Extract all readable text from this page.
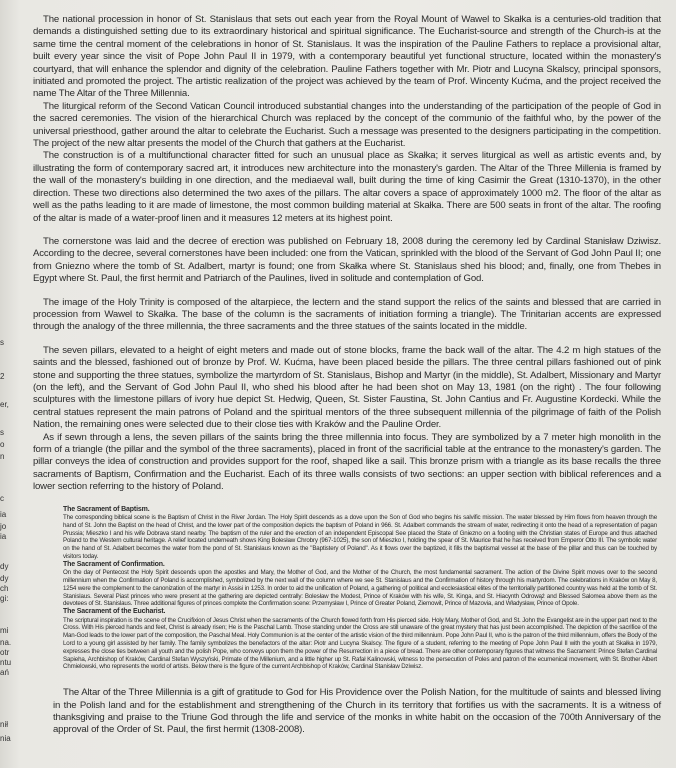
s
2
er,
s
o
n
c
ia
jo
ia
dy
dy
ch
gi:
mi
na.
otr
ntu
ań
nił
nia

The national procession in honor of St. Stanislaus that sets out each year from the Royal Mount of Wawel to Skałka is a centuries-old tradition that demands a distinguished setting due to its extraordinary historical and spiritual significance. The Eucharist-source and strength of the Church-is at the same time the central moment of the celebrations in honor of St. Stanislaus. It was the inspiration of the Pauline Fathers to replace a provisional altar, built every year since the visit of Pope John Paul II in 1979, with a contemporary beautiful yet functional structure, located within the monastery's courtyard, that will enhance the splendor and dignity of the celebration. Pauline Fathers together with Mr. Piotr and Lucyna Skalscy, principal sponsors, initiated and promoted the project. The artistic realization of the project was achieved by the team of Prof. Wincenty Kućma, and the project received the name The Altar of the Three Millennia.

The liturgical reform of the Second Vatican Council introduced substantial changes into the understanding of the participation of the people of God in the sacred ceremonies. The vision of the hierarchical Church was replaced by the concept of the communio of the faithful who, by the power of the universal priesthood, gather around the altar to celebrate the Eucharist. Such a message was presented to the designers participating in the competition. The project of the new altar presents the model of the Church that gathers at the Eucharist.

The construction is of a multifunctional character fitted for such an unusual place as Skałka; it serves liturgical as well as artistic events and, by illustrating the form of contemporary sacred art, it introduces new architecture into the monastery's garden. The Altar of the Three Millenia is framed by the wall of the monastery's building in one direction, and the mediaeval wall, built during the time of king Casimir the Great (1310-1370), in the other direction. These two directions also determined the two axes of the pillars. The altar covers a space of approximately 1000 m2. The floor of the altar as well as the paths leading to it are made of limestone, the most common building material at Skałka. There are 500 seats in front of the altar. The roofing of the altar is made of a water-proof linen and it measures 12 meters at its highest point.

The cornerstone was laid and the decree of erection was published on February 18, 2008 during the ceremony led by Cardinal Stanisław Dziwisz. According to the decree, several cornerstones have been included: one from the Vatican, sprinkled with the blood of the Servant of God John Paul II; one from Gniezno where the tomb of St. Adalbert, martyr is found; one from Skałka where St. Stanislaus shed his blood; and, finally, one from Thebes in Egypt where St. Paul, the first hermit and Patriarch of the Paulines, lived in solitude and contemplation of God.

The image of the Holy Trinity is composed of the altarpiece, the lectern and the stand support the relics of the saints and blessed that are carried in procession from Wawel to Skałka. The base of the column is the sacraments of initiation forming a triangle). The Trinitarian accents are expressed through the analogy of the three millennia, the three sacraments and the three statues of the saints located in the middle.

The seven pillars, elevated to a height of eight meters and made out of stone blocks, frame the back wall of the altar. The 4.2 m high statues of the saints and the blessed, fashioned out of bronze by Prof. W. Kućma, have been placed beside the pillars. The three central pillars fashioned out of pink stone and supporting the three statues, symbolize the martyrdom of St. Stanislaus, Bishop and Martyr (in the middle), St. Adalbert, Missionary and Martyr (on the left), and the Servant of God John Paul II, who shed his blood after he had been shot on May 13, 1981 (on the right) . The four following sculptures with the limestone pillars of ivory hue depict St. Hedwig, Queen, St. Sister Faustina, St. John Cantius and Fr. Augustine Kordecki. While the central statues represent the main patrons of Poland and the spiritual mentors of the three subsequent millennia of the pilgrimage of faith of the Polish Nation, the remaining ones were selected due to their close ties with Kraków and the Pauline Order.

As if sewn through a lens, the seven pillars of the saints bring the three millennia into focus. They are symbolized by a 7 meter high monolith in the form of a triangle (the pillar and the symbol of the three sacraments), placed in front of the sacrificial table at the entrance to the monastery's garden. The pillar conveys the idea of construction and provides support for the roof, shaped like a sail. This bronze prism with a triangle as its base recalls the three sacraments of Baptism, Confirmation and the Eucharist. Each of its three walls consists of two sections: an upper section with biblical references and a lower section referring to the history of Poland.

The Sacrament of Baptism.
The corresponding biblical scene is the Baptism of Christ in the River Jordan. The Holy Spirit descends as a dove upon the Son of God who begins his salvific mission. The water blessed by Him flows from heaven through the hand of St. John the Baptist on the head of Christ, and the lower part of the composition depicts the baptism of Poland in 966. St. Adalbert commands the stream of water, redirecting it onto the head of a representation of pagan Prussia; Mieszko I and his wife Dobrava stand nearby. The baptism of the ruler and the erection of an independent Episcopal See placed the State of Gniezno on a footing with the Christian states of Europe and thus attached Poland to the Western cultural heritage. A relief located underneath shows King Bolesław Chrobry (967-1025), the son of Mieszko I, holding the spear of St. Maurice that he has received from Emperor Otto III. The symbolic water on the hand of St. Adalbert becomes the water from the pond of St. Stanislaus known as the "Baptistery of Poland". As it flows over the baptized, it fills the baptismal vessel at the base of the pillar and thus can be touched by visitors today.
The Sacrament of Confirmation.
On the day of Pentecost the Holy Spirit descends upon the apostles and Mary, the Mother of God, and the Mother of the Church, the most fundamental sacrament. The action of the Divine Spirit moves over to the second millennium when the Confirmation of Poland is accomplished, symbolized by the next wall of the column where we see St. Stanislaus and the Confirmation of history through his martyrdom. The celebrations in Kraków on May 8, 1254 were the complement to the canonization of the martyr in Assisi in 1253. In order to aid the unification of Poland, a gathering of political and ecclesiastical elites of the territorially partitioned country was held at the tomb of St. Stanislaus. Several Piast princes who were present at the gathering are depicted centrally: Bolesław the Modest, Prince of Kraków with his wife, St. Kinga, and St. Hiacynth Odrowąż and Blessed Salomea above them as the devotees of St. Stanislaus. Three additional figures of princes complete the Confirmation scene: Przemysław I, Prince of Greater Poland, Ziemowit, Prince of Mazovia, and Władysław, Prince of Opole.
The Sacrament of the Eucharist.
The scriptural inspiration is the scene of the Crucifixion of Jesus Christ when the sacraments of the Church flowed forth from His pierced side. Holy Mary, Mother of God, and St. John the Evangelist are in the upper part next to the Cross. With His pierced hands and feet, Christ is already risen; He is the Paschal Lamb. Those standing under the Cross are still unaware of the great mystery that has just been accomplished. The depiction of the sacrifice of the Man-God leads to the lower part of the composition, the Paschal Meal. Holy Communion is at the center of the artistic vision of the third millennium. Pope John Paul II, who is the patron of the third millennium, offers the Body of the Lord to a young girl assisted by her family. The family symbolizes the benefactors of the altar: Piotr and Lucyna Skalscy. The figure of a student, referring to the meeting of Pope John Paul II with the youth at Skałka in 1979, expresses the close ties between all youth and the polish Pope, who conveys upon them the power of the Resurrection in a piece of bread. There are other contemporary figures that witness the Sacrament: Prince Stefan Cardinal Sapieha, Archbishop of Kraków, Cardinal Stefan Wyszyński, Primate of the Millenium, and a little higher up St. Rafał Kalinowski, witness to the persecution of Poles and patron of the ecumenical movement, with St. Brother Albert Chmielowski, who represents the world of artists. Below there is the figure of the current Archbishop of Kraków, Cardinal Stanisław Dziwisz.

The Altar of the Three Millennia is a gift of gratitude to God for His Providence over the Polish Nation, for the multitude of saints and blessed living in the Polish land and for the establishment and strengthening of the Church in its territory that fortifies us with the sacraments. It is a witness of thanksgiving and praise to the Triune God through the life and service of the monks in white habit on the occasion of the 700th Anniversary of the approval of the Order of St. Paul, the first hermit (1308-2008).
